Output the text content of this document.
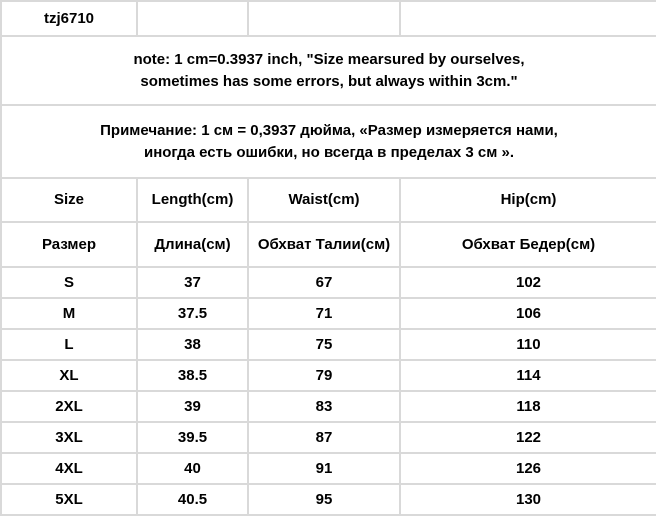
tzj6710			

note: 1 cm=0.3937 inch, "Size mearsured by ourselves,
sometimes has some errors, but always within 3cm."			

Примечание: 1 см = 0,3937 дюйма, «Размер измеряется нами,
иногда есть ошибки, но всегда в пределах 3 см ».			

Size	Length(cm)	Waist(cm)	Hip(cm)
Размер	Длина(см)	Обхват Талии(см)	Обхват Бедер(см)
S	37	67	102
M	37.5	71	106
L	38	75	110
XL	38.5	79	114
2XL	39	83	118
3XL	39.5	87	122
4XL	40	91	126
5XL	40.5	95	130
